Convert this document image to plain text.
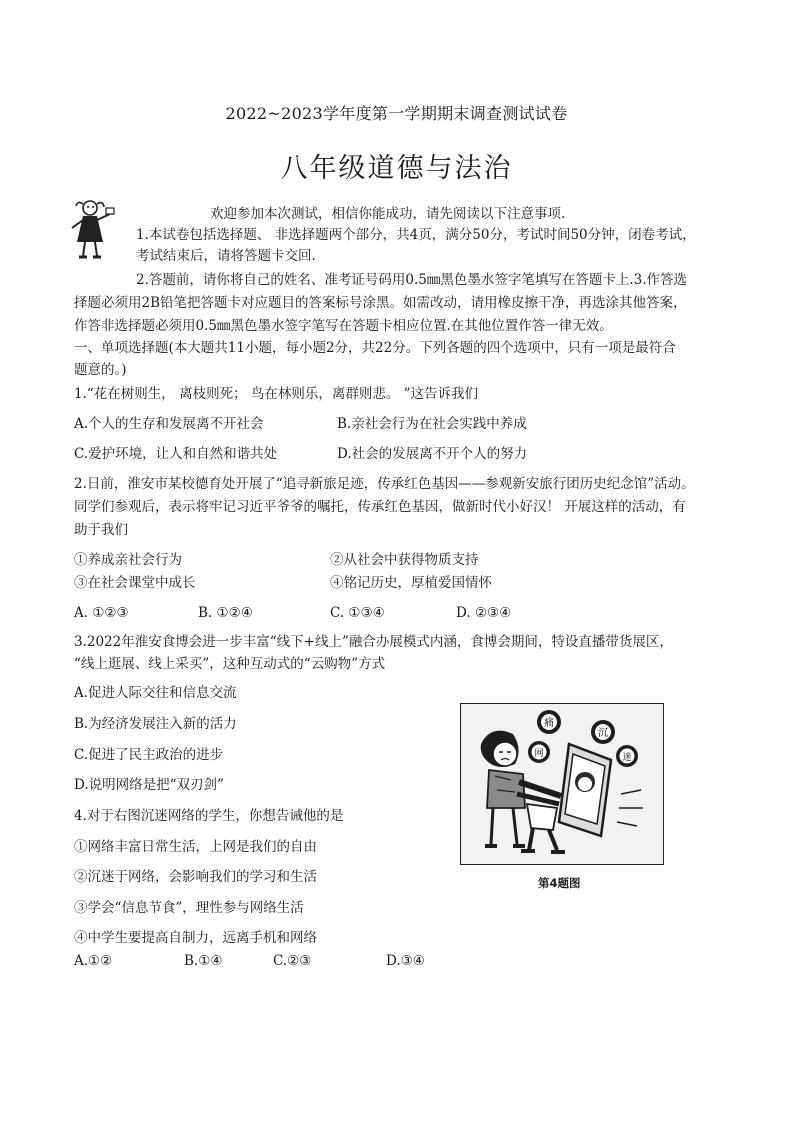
2022~2023学年度第一学期期末调查测试试卷
八年级道德与法治
欢迎参加本次测试，相信你能成功，请先阅读以下注意事项.
1.本试卷包括选择题、 非选择题两个部分，共4页，满分50分，考试时间50分钟，闭卷考试，
考试结束后，请将答题卡交回.
2.答题前，请你将自己的姓名、准考证号码用0.5㎜黑色墨水签字笔填写在答题卡上.3.作答选
择题必须用2B铅笔把答题卡对应题目的答案标号涂黑。如需改动，请用橡皮擦干净，再选涂其他答案，
作答非选择题必须用0.5㎜黑色墨水签字笔写在答题卡相应位置.在其他位置作答一律无效。
一、单项选择题(本大题共11小题，每小题2分，共22分。下列各题的四个选项中，只有一项是最符合
题意的。)
1.“花在树则生， 离枝则死； 鸟在林则乐，离群则悲。 ”这告诉我们
A.个人的生存和发展离不开社会	B.亲社会行为在社会实践中养成
C.爱护环境，让人和自然和谐共处	D.社会的发展离不开个人的努力
2.日前，淮安市某校德育处开展了“追寻新旅足迹，传承红色基因——参观新安旅行团历史纪念馆”活动。
同学们参观后，表示将牢记习近平爷爷的嘱托，传承红色基因，做新时代小好汉！ 开展这样的活动，有
助于我们
①养成亲社会行为	②从社会中获得物质支持
③在社会课堂中成长	④铭记历史，厚植爱国情怀
A. ①②③	B. ①②④	C. ①③④	D. ②③④
3.2022年淮安食博会进一步丰富“线下+线上”融合办展模式内涵，食博会期间，特设直播带货展区，
“线上逛展、线上采买”，这种互动式的“云购物”方式
A.促进人际交往和信息交流
B.为经济发展注入新的活力
C.促进了民主政治的进步
D.说明网络是把“双刃剑”
4.对于右图沉迷网络的学生，你想告诫他的是
①网络丰富日常生活，上网是我们的自由
②沉迷于网络，会影响我们的学习和生活
③学会“信息节食”，理性参与网络生活
④中学生要提高自制力，远离手机和网络
A.①②	B.①④	C.②③	D.③④
痛
沉
网	迷
第4题图
